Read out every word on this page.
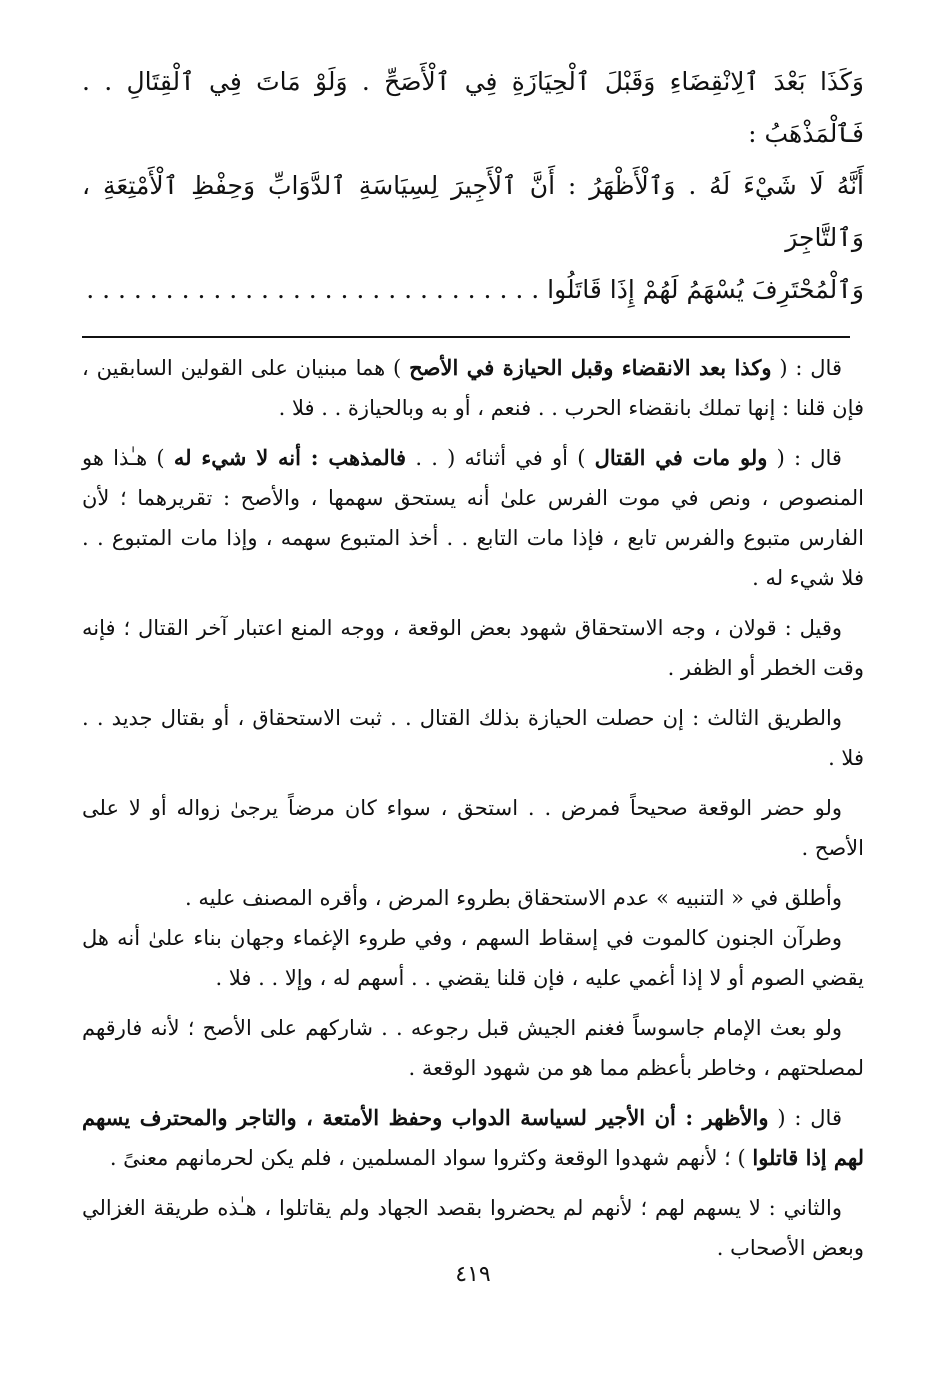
وَكَذَا بَعْدَ ٱلِانْقِضَاءِ وَقَبْلَ ٱلْحِيَازَةِ فِي ٱلْأَصَحِّ . وَلَوْ مَاتَ فِي ٱلْقِتَالِ . . فَٱلْمَذْهَبُ :

أَنَّهُ لَا شَيْءَ لَهُ . وَٱلْأَظْهَرُ : أَنَّ ٱلْأَجِيرَ لِسِيَاسَةِ ٱلدَّوَابِّ وَحِفْظِ ٱلْأَمْتِعَةِ ، وَٱلتَّاجِرَ

وَٱلْمُحْتَرِفَ يُسْهَمُ لَهُمْ إِذَا قَاتَلُوا . . . . . . . . . . . . . . . . . . . . . . . . . . . . .

قال : ( وكذا بعد الانقضاء وقبل الحيازة في الأصح ) هما مبنيان على القولين السابقين ، فإن قلنا : إنها تملك بانقضاء الحرب . . فنعم ، أو به وبالحيازة . . فلا .

قال : ( ولو مات في القتال ) أو في أثنائه ( . . فالمذهب : أنه لا شيء له ) هـٰذا هو المنصوص ، ونص في موت الفرس علىٰ أنه يستحق سهمها ، والأصح : تقريرهما ؛ لأن الفارس متبوع والفرس تابع ، فإذا مات التابع . . أخذ المتبوع سهمه ، وإذا مات المتبوع . . فلا شيء له .

وقيل : قولان ، وجه الاستحقاق شهود بعض الوقعة ، ووجه المنع اعتبار آخر القتال ؛ فإنه وقت الخطر أو الظفر .

والطريق الثالث : إن حصلت الحيازة بذلك القتال . . ثبت الاستحقاق ، أو بقتال جديد . . فلا .

ولو حضر الوقعة صحيحاً فمرض . . استحق ، سواء كان مرضاً يرجىٰ زواله أو لا على الأصح .

وأطلق في « التنبيه » عدم الاستحقاق بطروء المرض ، وأقره المصنف عليه .

وطرآن الجنون كالموت في إسقاط السهم ، وفي طروء الإغماء وجهان بناء علىٰ أنه هل يقضي الصوم أو لا إذا أغمي عليه ، فإن قلنا يقضي . . أسهم له ، وإلا . . فلا .

ولو بعث الإمام جاسوساً فغنم الجيش قبل رجوعه . . شاركهم على الأصح ؛ لأنه فارقهم لمصلحتهم ، وخاطر بأعظم مما هو من شهود الوقعة .

قال : ( والأظهر : أن الأجير لسياسة الدواب وحفظ الأمتعة ، والتاجر والمحترف يسهم لهم إذا قاتلوا ) ؛ لأنهم شهدوا الوقعة وكثروا سواد المسلمين ، فلم يكن لحرمانهم معنىً .

والثاني : لا يسهم لهم ؛ لأنهم لم يحضروا بقصد الجهاد ولم يقاتلوا ، هـٰذه طريقة الغزالي وبعض الأصحاب .

٤١٩
